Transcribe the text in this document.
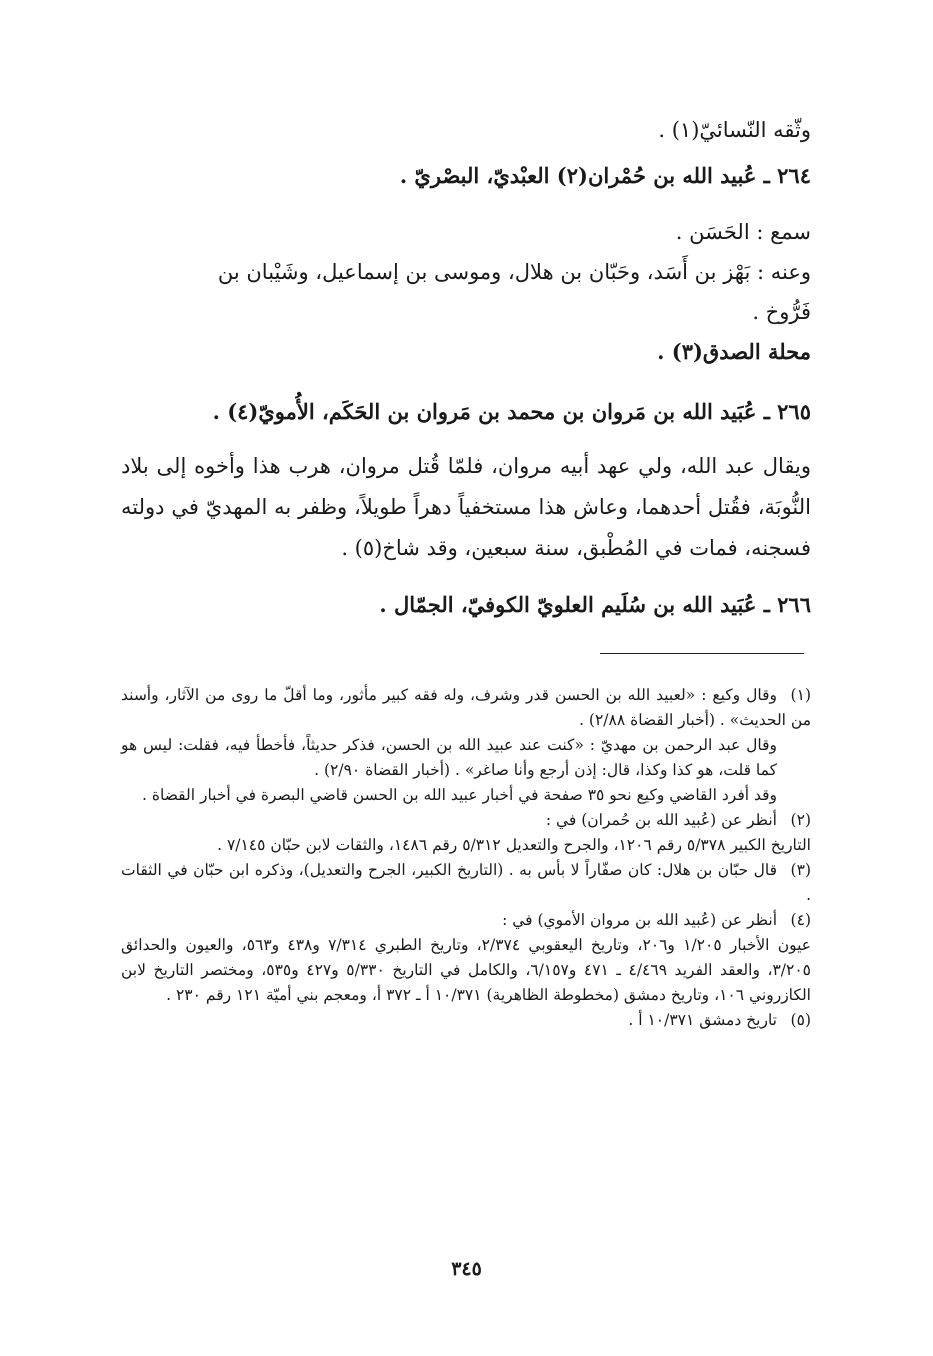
وثّقه النّسائيّ(١) .

٢٦٤ ـ عُبيد الله بن حُمْران(٢) العبْديّ، البصْريّ .

سمع : الحَسَن .

وعنه : بَهْز بن أَسَد، وحَبّان بن هلال، وموسى بن إسماعيل، وشَيْبان بن

فَرُّوخ .

محلة الصدق(٣) .

٢٦٥ ـ عُبَيد الله بن مَروان بن محمد بن مَروان بن الحَكَم، الأُمويّ(٤) .

ويقال عبد الله، ولي عهد أبيه مروان، فلمّا قُتل مروان، هرب هذا وأخوه إلى بلاد النُّوبَة، فقُتل أحدهما، وعاش هذا مستخفياً دهراً طويلاً، وظفر به المهديّ في دولته فسجنه، فمات في المُطْبق، سنة سبعين، وقد شاخ(٥) .

٢٦٦ ـ عُبَيد الله بن سُلَيم العلويّ الكوفيّ، الجمّال .

(١)وقال وكيع : «لعبيد الله بن الحسن قدر وشرف، وله فقه كبير مأثور، وما أقلّ ما روى من الآثار، وأسند من الحديث» . (أخبار القضاة ٢/٨٨) .
وقال عبد الرحمن بن مهديّ : «كنت عند عبيد الله بن الحسن، فذكر حديثاً، فأخطأ فيه، فقلت: ليس هو كما قلت، هو كذا وكذا، قال: إذن أرجع وأنا صاغر» . (أخبار القضاة ٢/٩٠) .
وقد أفرد القاضي وكيع نحو ٣٥ صفحة في أخبار عبيد الله بن الحسن قاضي البصرة في أخبار القضاة .
(٢)أنظر عن (عُبيد الله بن حُمران) في :
التاريخ الكبير ٥/٣٧٨ رقم ١٢٠٦، والجرح والتعديل ٥/٣١٢ رقم ١٤٨٦، والثقات لابن حبّان ٧/١٤٥ .
(٣)قال حبّان بن هلال: كان صفّاراً لا بأس به . (التاريخ الكبير، الجرح والتعديل)، وذكره ابن حبّان في الثقات .
(٤)أنظر عن (عُبيد الله بن مروان الأموي) في :
عيون الأخبار ١/٢٠٥ و٢٠٦، وتاريخ اليعقوبي ٢/٣٧٤، وتاريخ الطبري ٧/٣١٤ و٤٣٨ و٥٦٣، والعيون والحدائق ٣/٢٠٥، والعقد الفريد ٤/٤٦٩ ـ ٤٧١ و٦/١٥٧، والكامل في التاريخ ٥/٣٣٠ و٤٢٧ و٥٣٥، ومختصر التاريخ لابن الكازروني ١٠٦، وتاريخ دمشق (مخطوطة الظاهرية) ١٠/٣٧١ أ ـ ٣٧٢ أ، ومعجم بني أميّة ١٢١ رقم ٢٣٠ .
(٥)تاريخ دمشق ١٠/٣٧١ أ .
٣٤٥
